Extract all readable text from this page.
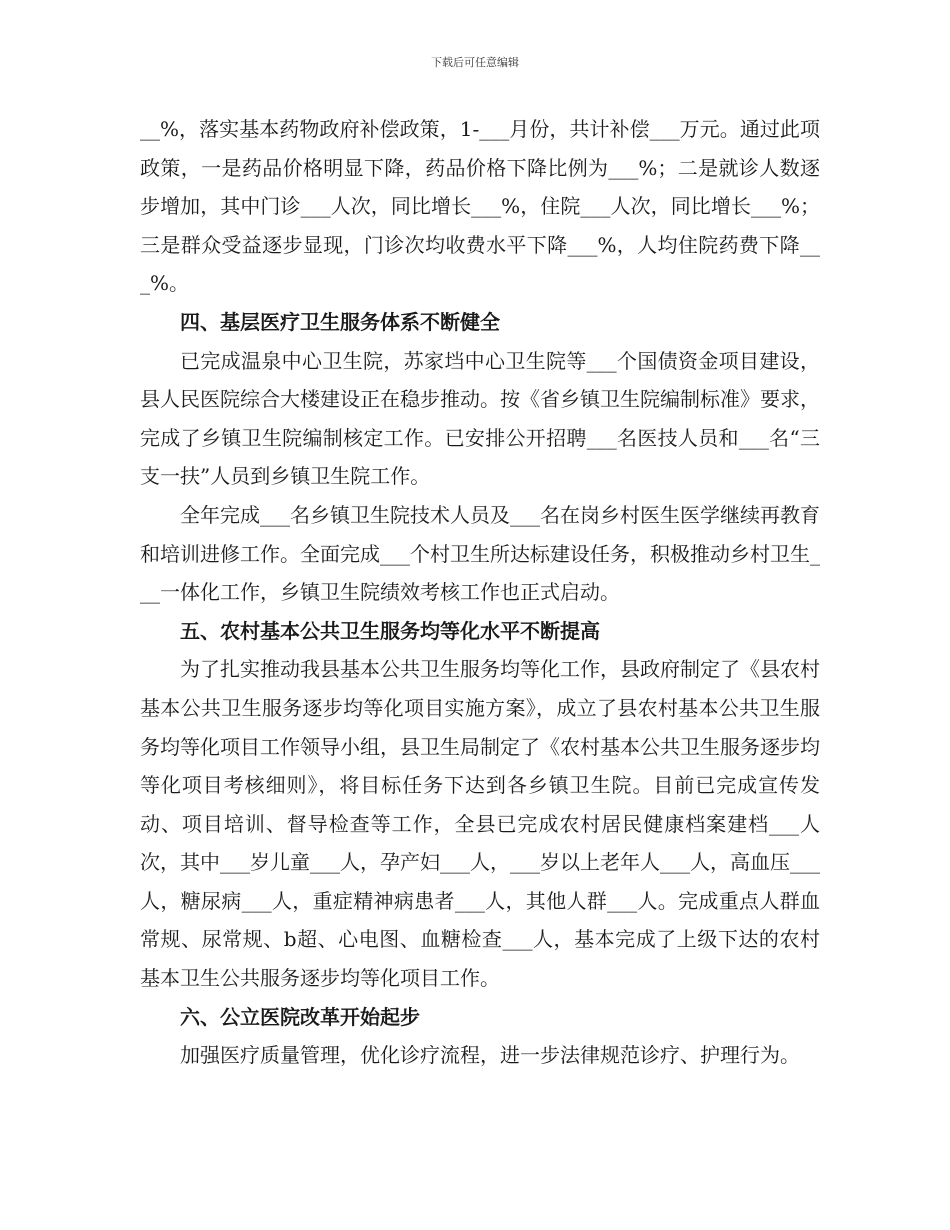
下载后可任意编辑

__%，落实基本药物政府补偿政策，1-___月份，共计补偿___万元。通过此项政策，一是药品价格明显下降，药品价格下降比例为___%；二是就诊人数逐步增加，其中门诊___人次，同比增长___%，住院___人次，同比增长___%；三是群众受益逐步显现，门诊次均收费水平下降___%，人均住院药费下降___%。

四、基层医疗卫生服务体系不断健全

已完成温泉中心卫生院，苏家垱中心卫生院等___个国债资金项目建设，县人民医院综合大楼建设正在稳步推动。按《省乡镇卫生院编制标准》要求，完成了乡镇卫生院编制核定工作。已安排公开招聘___名医技人员和___名“三支一扶”人员到乡镇卫生院工作。

全年完成___名乡镇卫生院技术人员及___名在岗乡村医生医学继续再教育和培训进修工作。全面完成___个村卫生所达标建设任务，积极推动乡村卫生___一体化工作，乡镇卫生院绩效考核工作也正式启动。

五、农村基本公共卫生服务均等化水平不断提高

为了扎实推动我县基本公共卫生服务均等化工作，县政府制定了《县农村基本公共卫生服务逐步均等化项目实施方案》，成立了县农村基本公共卫生服务均等化项目工作领导小组，县卫生局制定了《农村基本公共卫生服务逐步均等化项目考核细则》，将目标任务下达到各乡镇卫生院。目前已完成宣传发动、项目培训、督导检查等工作，全县已完成农村居民健康档案建档___人次，其中___岁儿童___人，孕产妇___人，___岁以上老年人___人，高血压___人，糖尿病___人，重症精神病患者___人，其他人群___人。完成重点人群血常规、尿常规、b超、心电图、血糖检查___人，基本完成了上级下达的农村基本卫生公共服务逐步均等化项目工作。

六、公立医院改革开始起步

加强医疗质量管理，优化诊疗流程，进一步法律规范诊疗、护理行为。
